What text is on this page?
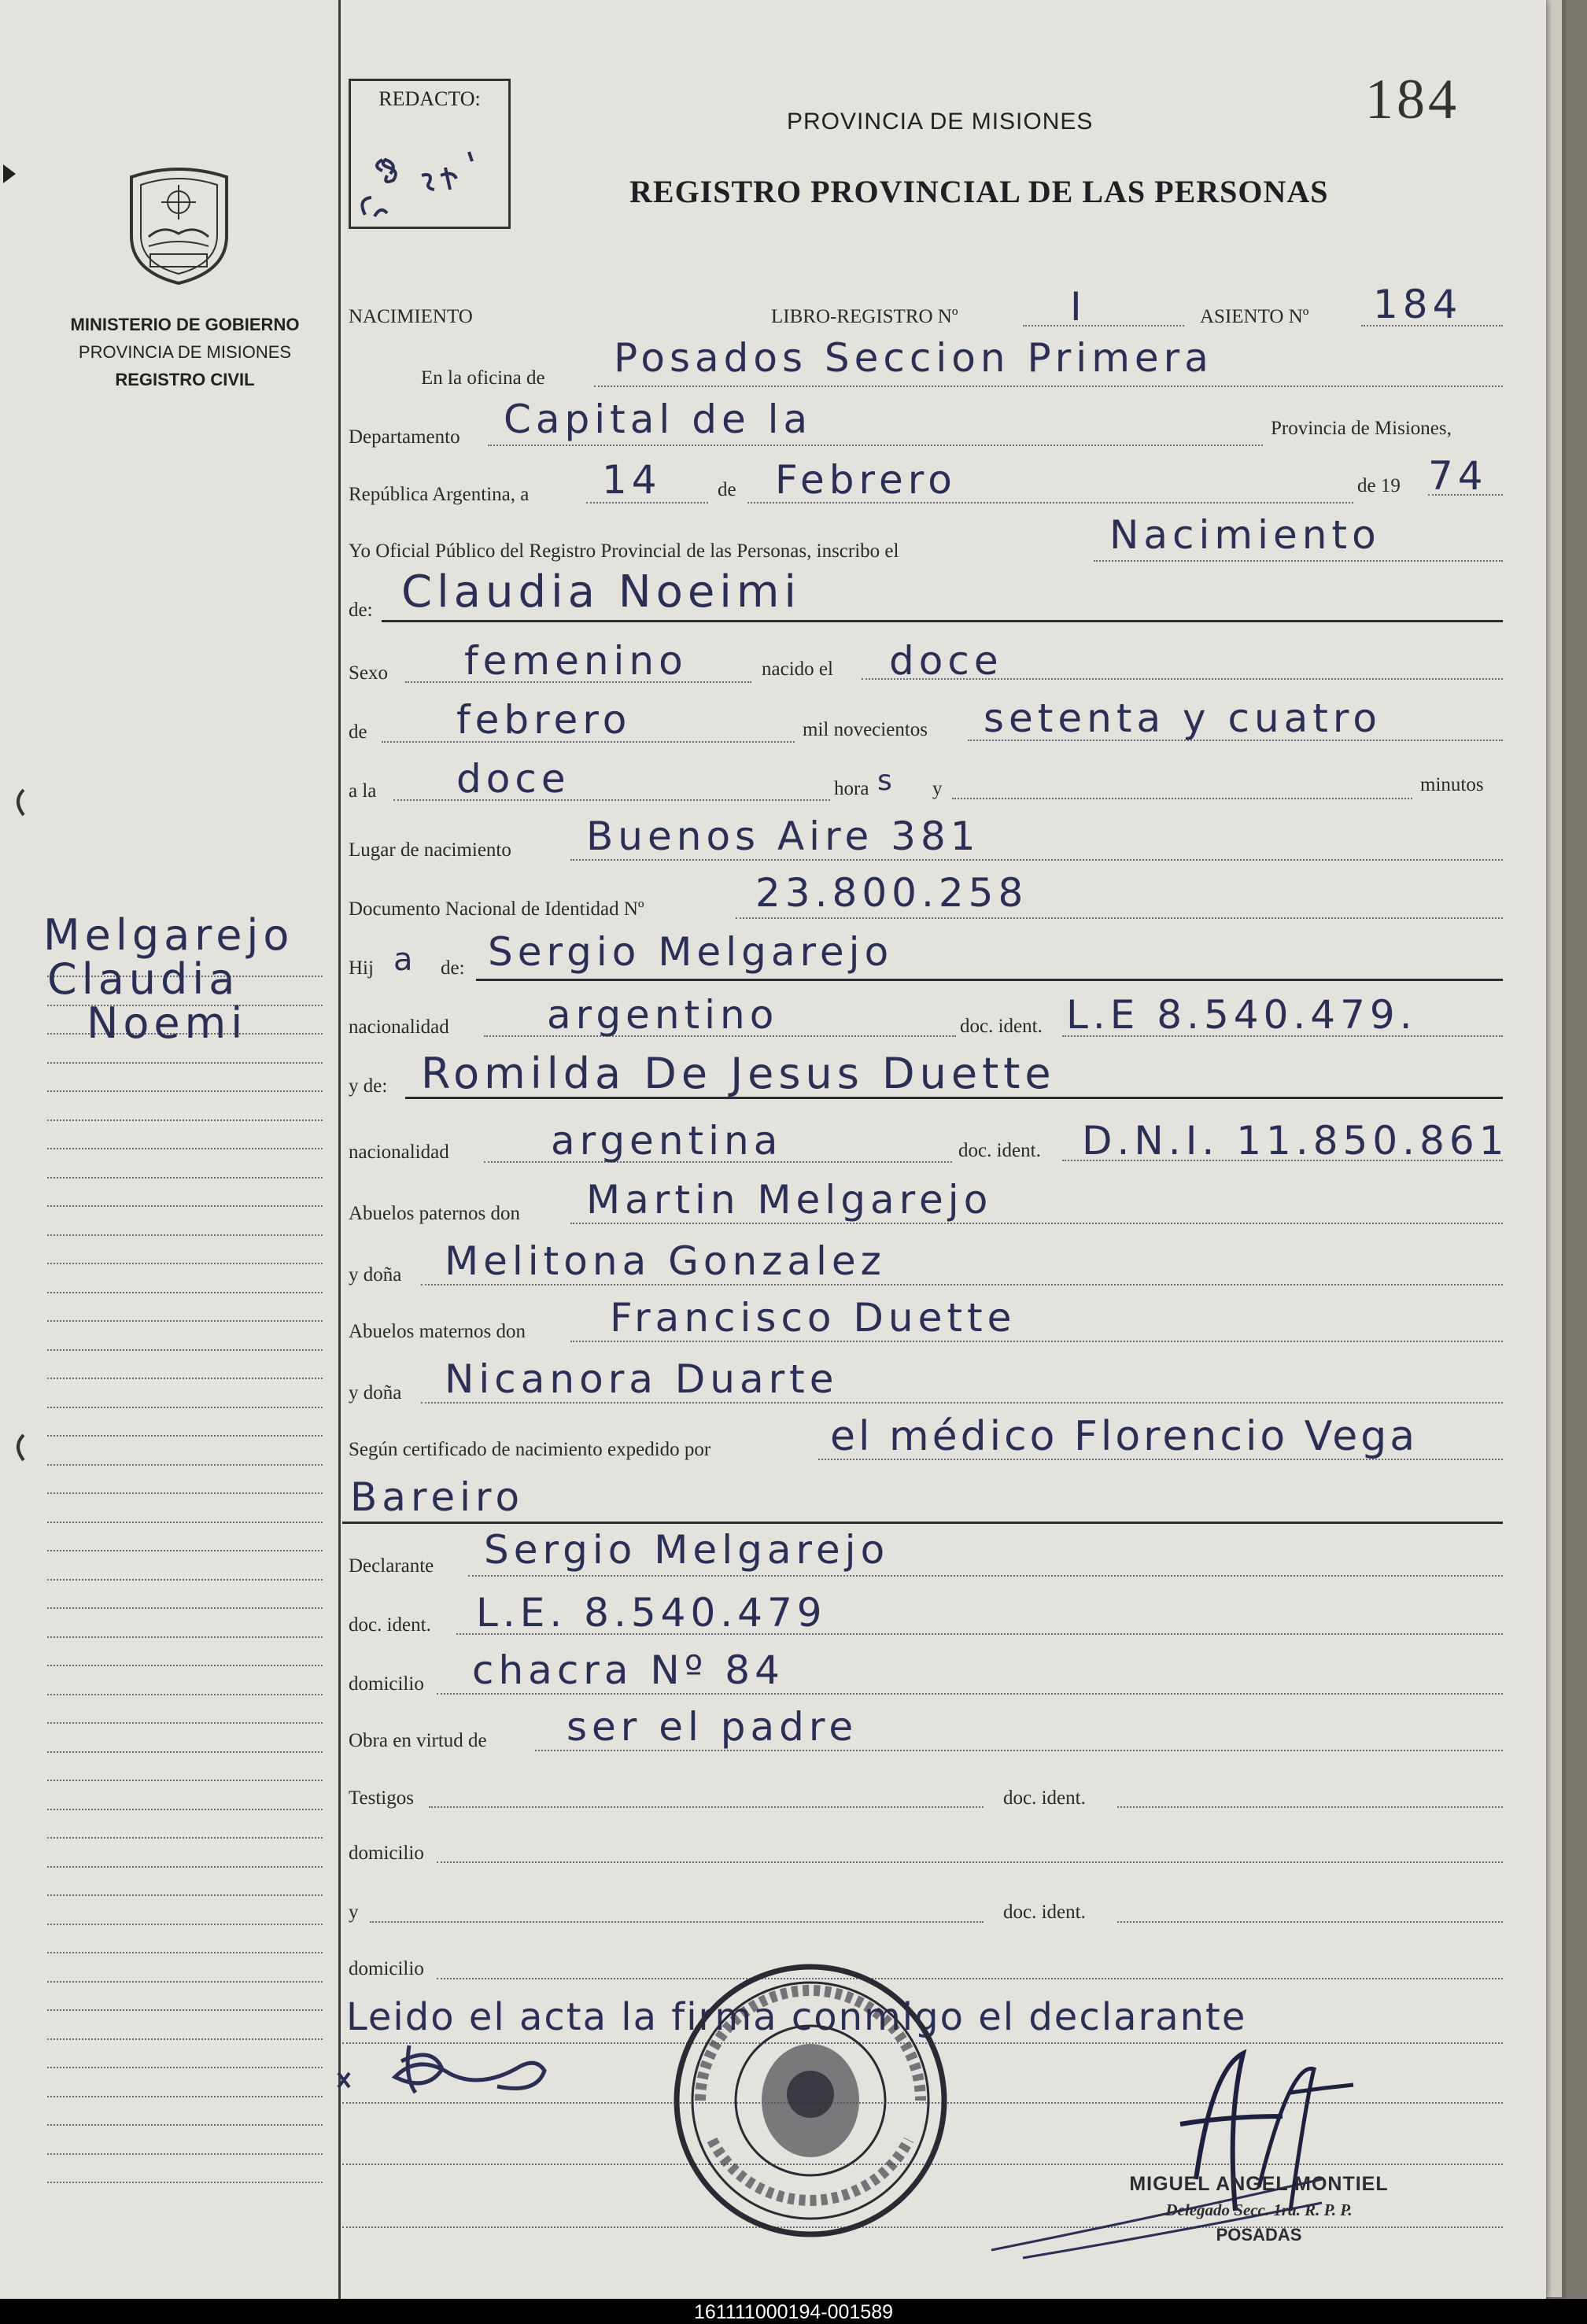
MINISTERIO DE GOBIERNO
PROVINCIA DE MISIONES
REGISTRO CIVIL
Melgarejo
Claudia
Noemi
REDACTO:	184
PROVINCIA DE MISIONES
REGISTRO PROVINCIAL DE LAS PERSONAS
NACIMIENTO	LIBRO-REGISTRO Nº	I	ASIENTO Nº 184
En la oficina de Posados Seccion Primera
Departamento Capital de la	Provincia de Misiones,
República Argentina, a 14	de Febrero	de 19 74
Yo Oficial Público del Registro Provincial de las Personas, inscribo el	Nacimiento
de: Claudia Noeimi
Sexo femenino	nacido el doce
de febrero	mil novecientos setenta y cuatro
a la doce	hora s y	minutos
Lugar de nacimiento Buenos Aire 381
Documento Nacional de Identidad Nº	23.800.258
Hij a de: Sergio Melgarejo
nacionalidad argentino	doc. ident. L.E 8.540.479.
y de: Romilda De Jesus Duette
nacionalidad	argentina	doc. ident. D.N.I. 11.850.861
Abuelos paternos don Martin Melgarejo
y doña Melitona Gonzalez
Abuelos maternos don Francisco Duette
y doña Nicanora Duarte
Según certificado de nacimiento expedido por	el médico Florencio Vega
Bareiro
Declarante Sergio Melgarejo
doc. ident. L.E. 8.540.479
domicilio chacra Nº 84
Obra en virtud de ser el padre
Testigos	doc. ident.
domicilio
y	doc. ident.
domicilio
Leido el acta la firma conmigo el declarante
MIGUEL ANGEL MONTIEL
Delegado Secc. 1ra. R. P. P.
POSADAS
161111000194-001589
